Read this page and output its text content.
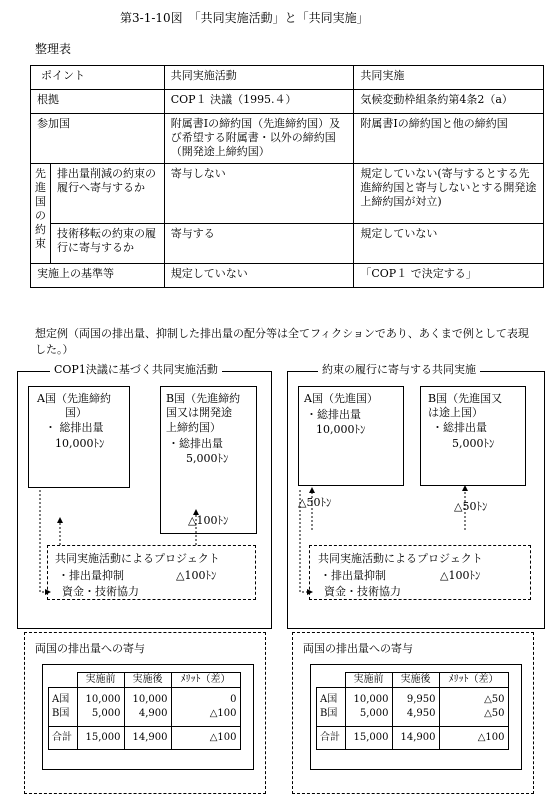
第3-1-10図　「共同実施活動」と「共同実施」
整理表
ポイント		共同実施活動	共同実施
根拠		COP１ 決議（1995.４）	気候変動枠組条約第4条2（a）
参加国		附属書Ⅰの締約国（先進締約国）及び希望する附属書・以外の締約国（開発途上締約国）	附属書Ⅰの締約国と他の締約国
先進国の約束	排出量削減の約束の履行へ寄与するか	寄与しない	規定していない(寄与するとする先進締約国と寄与しないとする開発途上締約国が対立)
	技術移転の約束の履行に寄与するか	寄与する	規定していない
実施上の基準等		規定していない	「COP１ で決定する」
想定例（両国の排出量、抑制した排出量の配分等は全てフィクションであり、あくまで例として表現した。）
COP1決議に基づく共同実施活動
A国（先進締約
国）
・ 総排出量
10,000ﾄﾝ
B国（先進締約
国又は開発途
上締約国）
・総排出量
5,000ﾄﾝ
△100ﾄﾝ
共同実施活動によるプロジェクト
・排出量抑制	△100ﾄﾝ
資金・技術協力
両国の排出量への寄与
	実施前	実施後	ﾒﾘｯﾄ（差）
A国	10,000	10,000	0
B国	5,000	4,900	△100
合計	15,000	14,900	△100
約束の履行に寄与する共同実施
A国（先進国）
・総排出量
10,000ﾄﾝ
△50ﾄﾝ
B国（先進国又
は途上国）
・総排出量
5,000ﾄﾝ
△50ﾄﾝ
共同実施活動によるプロジェクト
・排出量抑制	△100ﾄﾝ
資金・技術協力
両国の排出量への寄与
	実施前	実施後	ﾒﾘｯﾄ（差）
A国	10,000	9,950	△50
B国	5,000	4,950	△50
合計	15,000	14,900	△100
